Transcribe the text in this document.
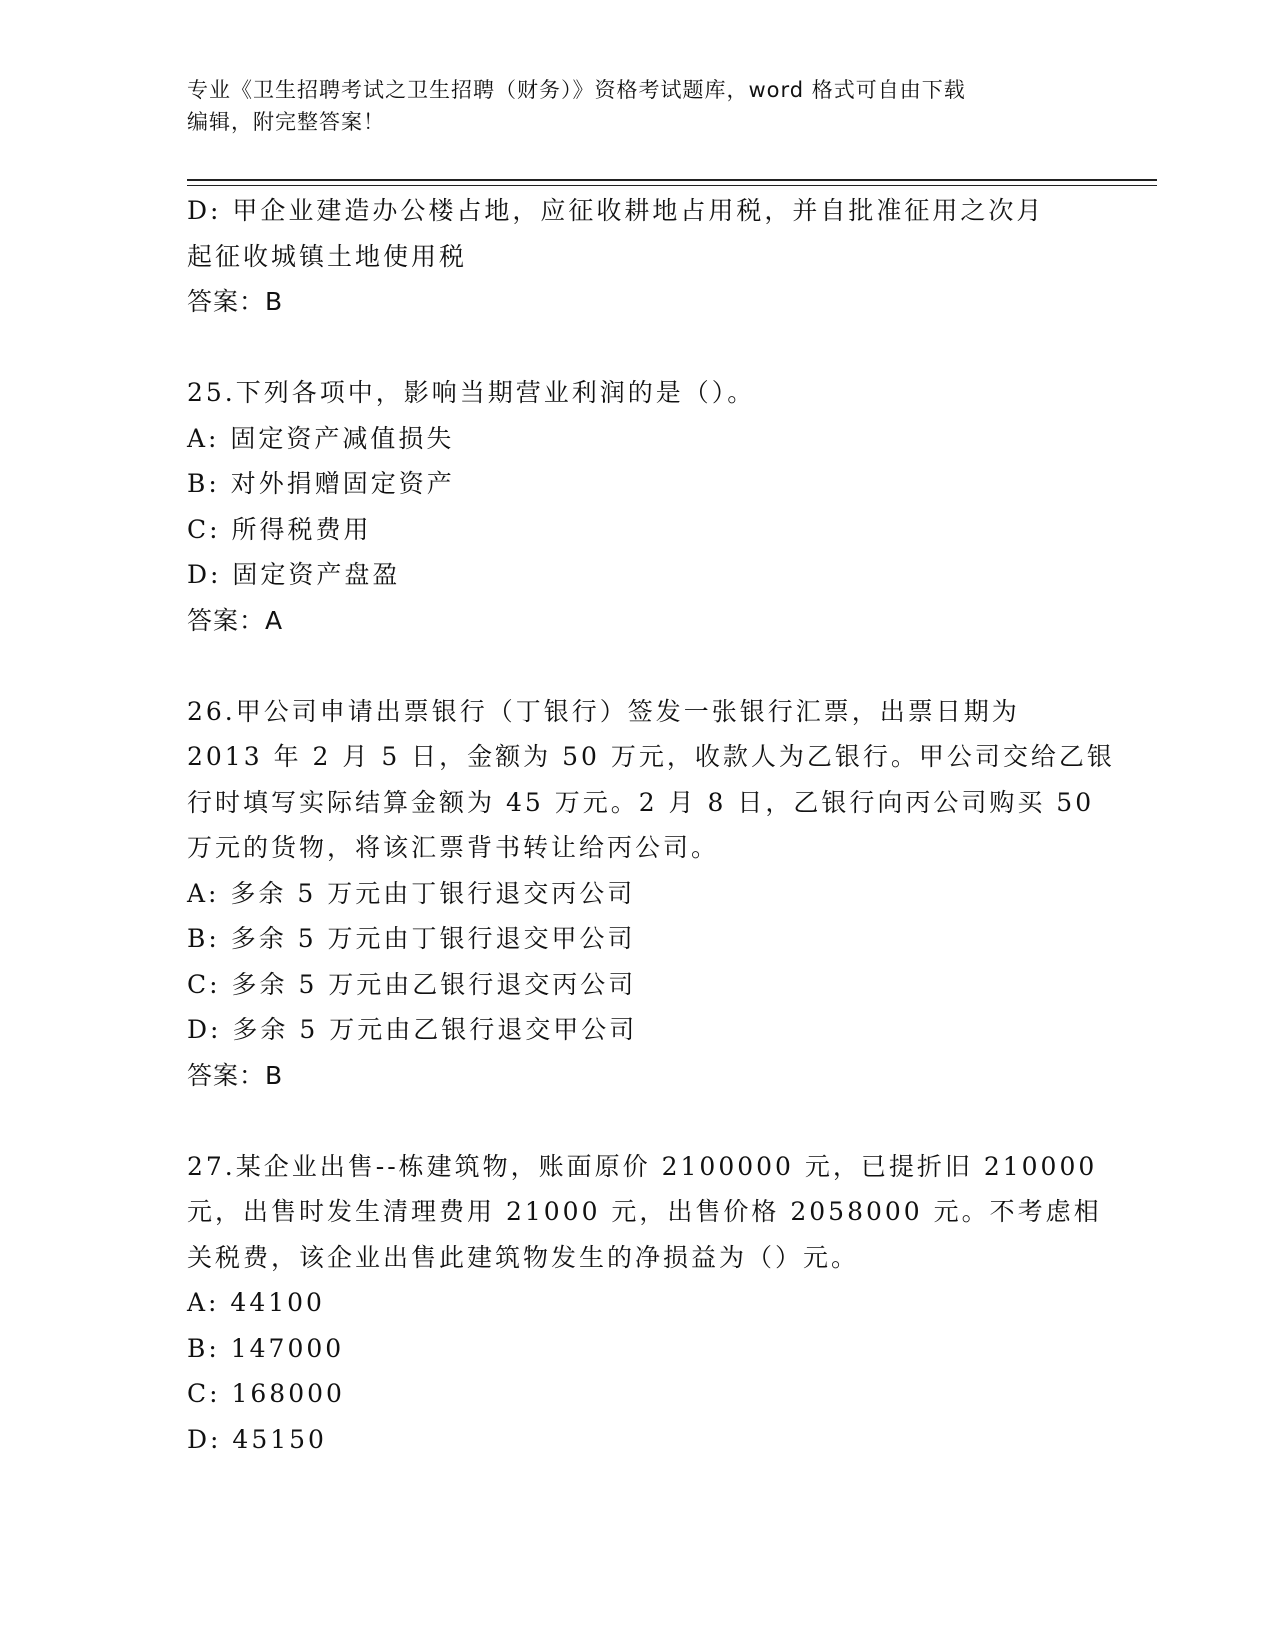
专业《卫生招聘考试之卫生招聘（财务）》资格考试题库，word 格式可自由下载
编辑，附完整答案！
D: 甲企业建造办公楼占地，应征收耕地占用税，并自批准征用之次月
起征收城镇土地使用税
答案：B
25.下列各项中，影响当期营业利润的是（）。
A: 固定资产减值损失
B: 对外捐赠固定资产
C: 所得税费用
D: 固定资产盘盈
答案：A
26.甲公司申请出票银行（丁银行）签发一张银行汇票，出票日期为
2013 年 2 月 5 日，金额为 50 万元，收款人为乙银行。甲公司交给乙银
行时填写实际结算金额为 45 万元。2 月 8 日，乙银行向丙公司购买 50
万元的货物，将该汇票背书转让给丙公司。
A: 多余 5 万元由丁银行退交丙公司
B: 多余 5 万元由丁银行退交甲公司
C: 多余 5 万元由乙银行退交丙公司
D: 多余 5 万元由乙银行退交甲公司
答案：B
27.某企业出售--栋建筑物，账面原价 2100000 元，已提折旧 210000
元，出售时发生清理费用 21000 元，出售价格 2058000 元。不考虑相
关税费，该企业出售此建筑物发生的净损益为（）元。
A: 44100
B: 147000
C: 168000
D: 45150
